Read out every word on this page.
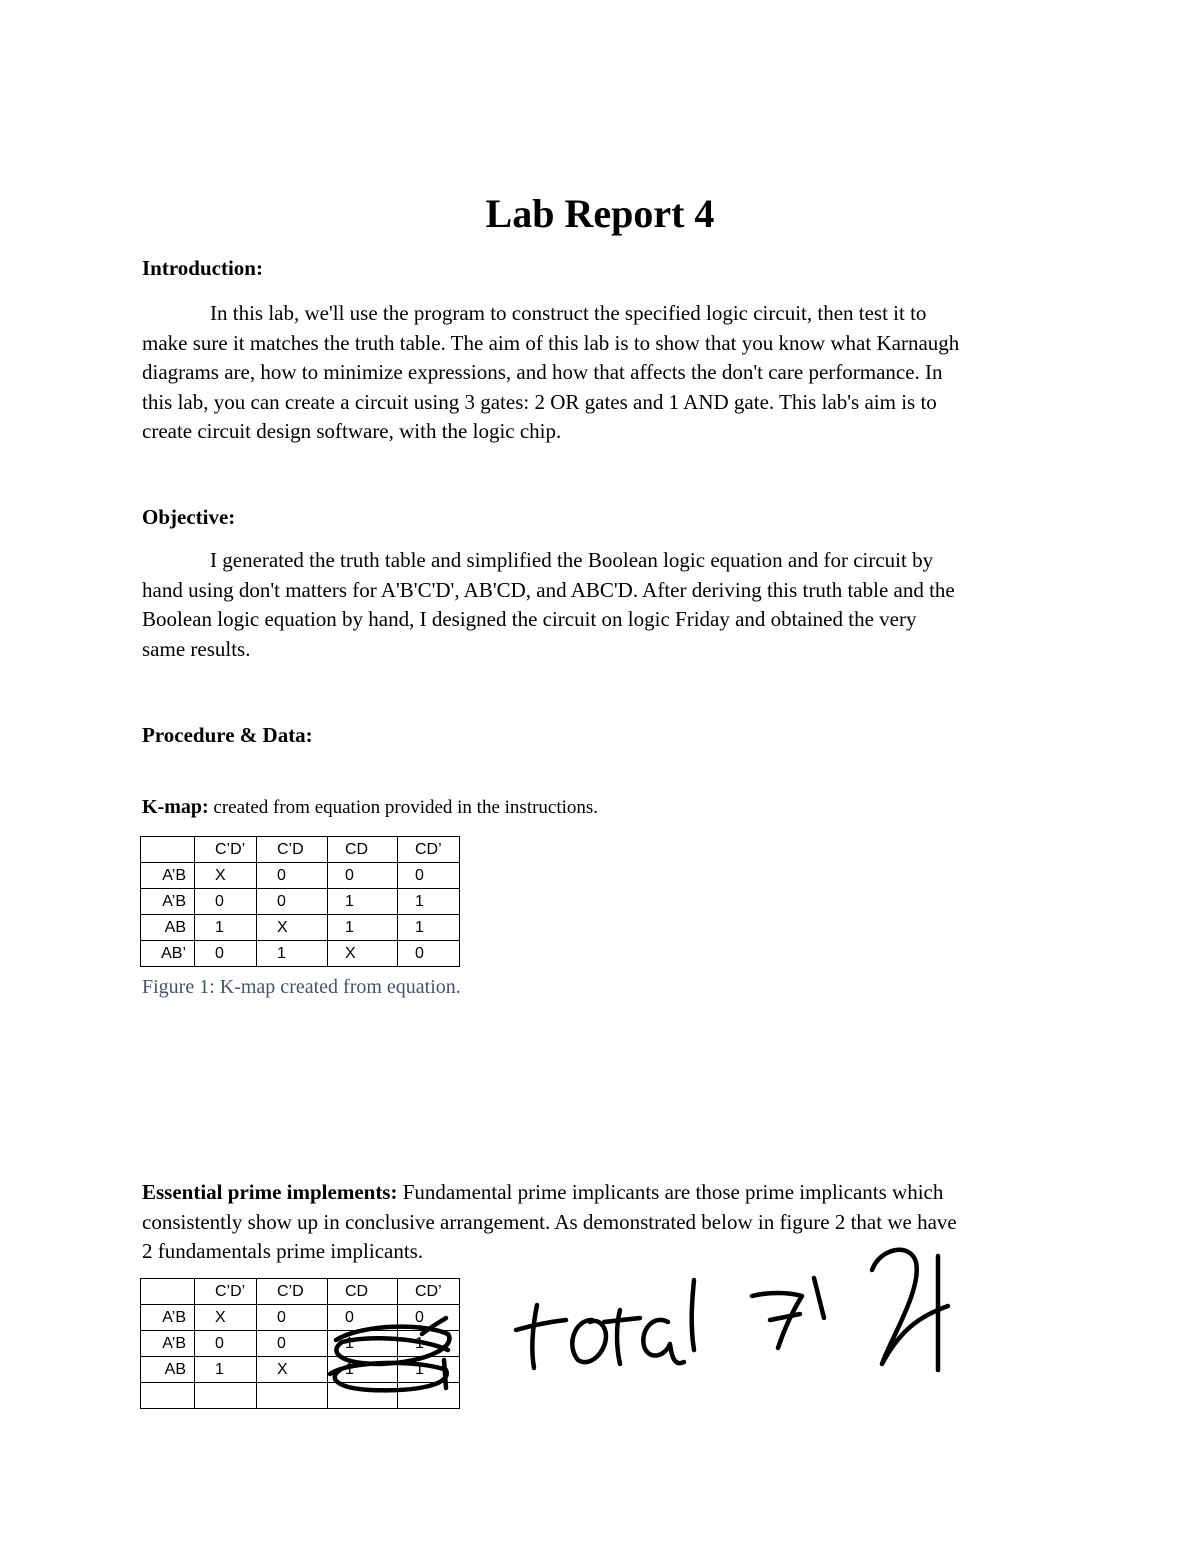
Lab Report 4
Introduction:
In this lab, we'll use the program to construct the specified logic circuit, then test it to
make sure it matches the truth table. The aim of this lab is to show that you know what Karnaugh
diagrams are, how to minimize expressions, and how that affects the don't care performance. In
this lab, you can create a circuit using 3 gates: 2 OR gates and 1 AND gate. This lab's aim is to
create circuit design software, with the logic chip.
Objective:
I generated the truth table and simplified the Boolean logic equation and for circuit by
hand using don't matters for A'B'C'D', AB'CD, and ABC'D. After deriving this truth table and the
Boolean logic equation by hand, I designed the circuit on logic Friday and obtained the very
same results.
Procedure & Data:
K-map: created from equation provided in the instructions.
	C’D’	C’D	CD	CD’
A’B	X	0	0	0
A’B	0	0	1	1
AB	1	X	1	1
AB’	0	1	X	0
Figure 1: K-map created from equation.
Essential prime implements: Fundamental prime implicants are those prime implicants which
consistently show up in conclusive arrangement. As demonstrated below in figure 2 that we have
2 fundamentals prime implicants.
	C’D’	C’D	CD	CD’
A’B	X	0	0	0
A’B	0	0	1	1
AB	1	X	1	1
